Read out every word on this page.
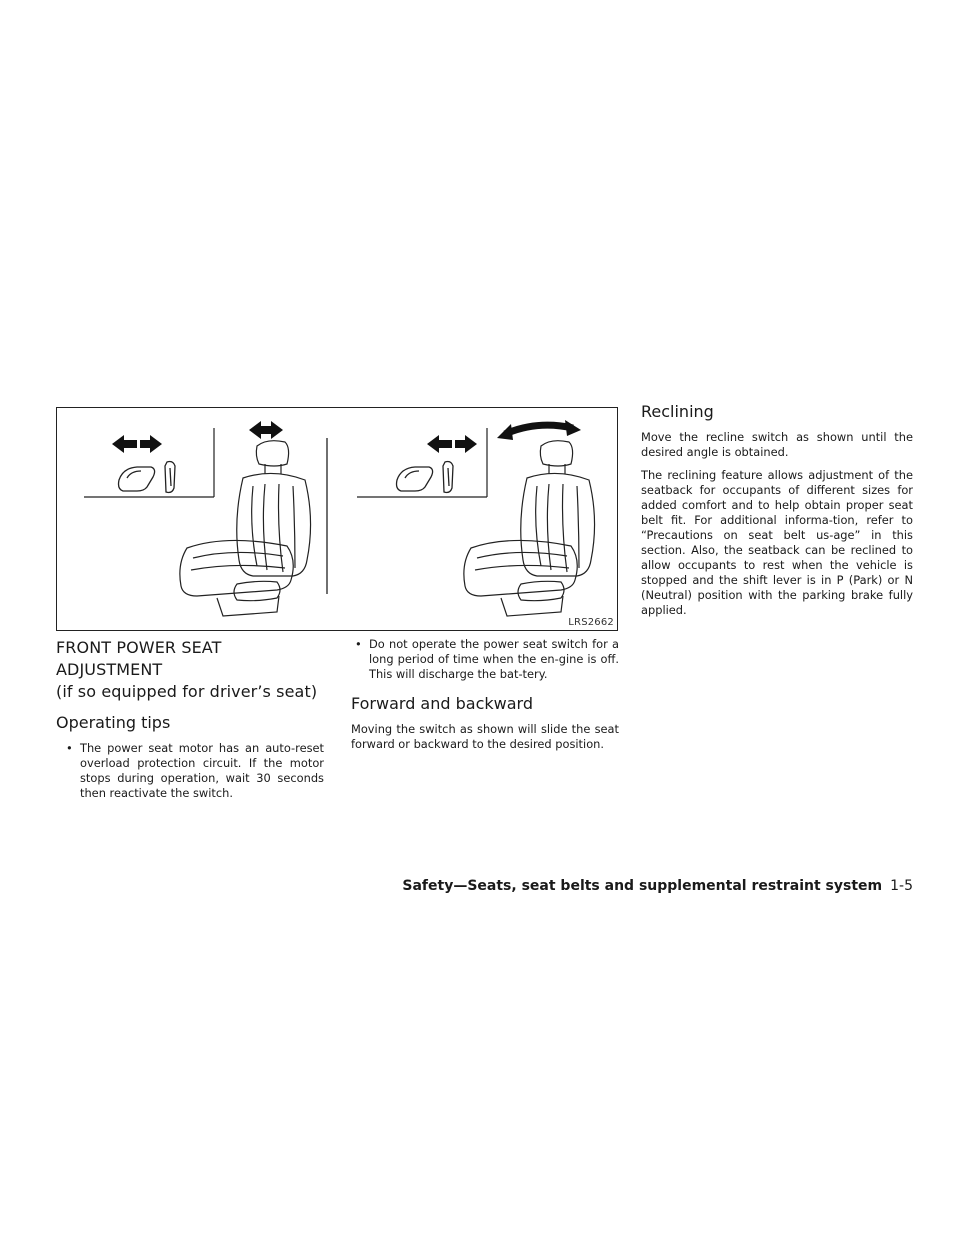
LRS2662
FRONT POWER SEAT ADJUSTMENT
(if so equipped for driver’s seat)
Operating tips
• The power seat motor has an auto-reset overload protection circuit. If the motor stops during operation, wait 30 seconds then reactivate the switch.
• Do not operate the power seat switch for a long period of time when the en-gine is off. This will discharge the bat-tery.
Forward and backward

Moving the switch as shown will slide the seat forward or backward to the desired position.

Reclining

Move the recline switch as shown until the desired angle is obtained.

The reclining feature allows adjustment of the seatback for occupants of different sizes for added comfort and to help obtain proper seat belt fit. For additional informa-tion, refer to “Precautions on seat belt us-age” in this section. Also, the seatback can be reclined to allow occupants to rest when the vehicle is stopped and the shift lever is in P (Park) or N (Neutral) position with the parking brake fully applied.

Safety—Seats, seat belts and supplemental restraint system 1-5
